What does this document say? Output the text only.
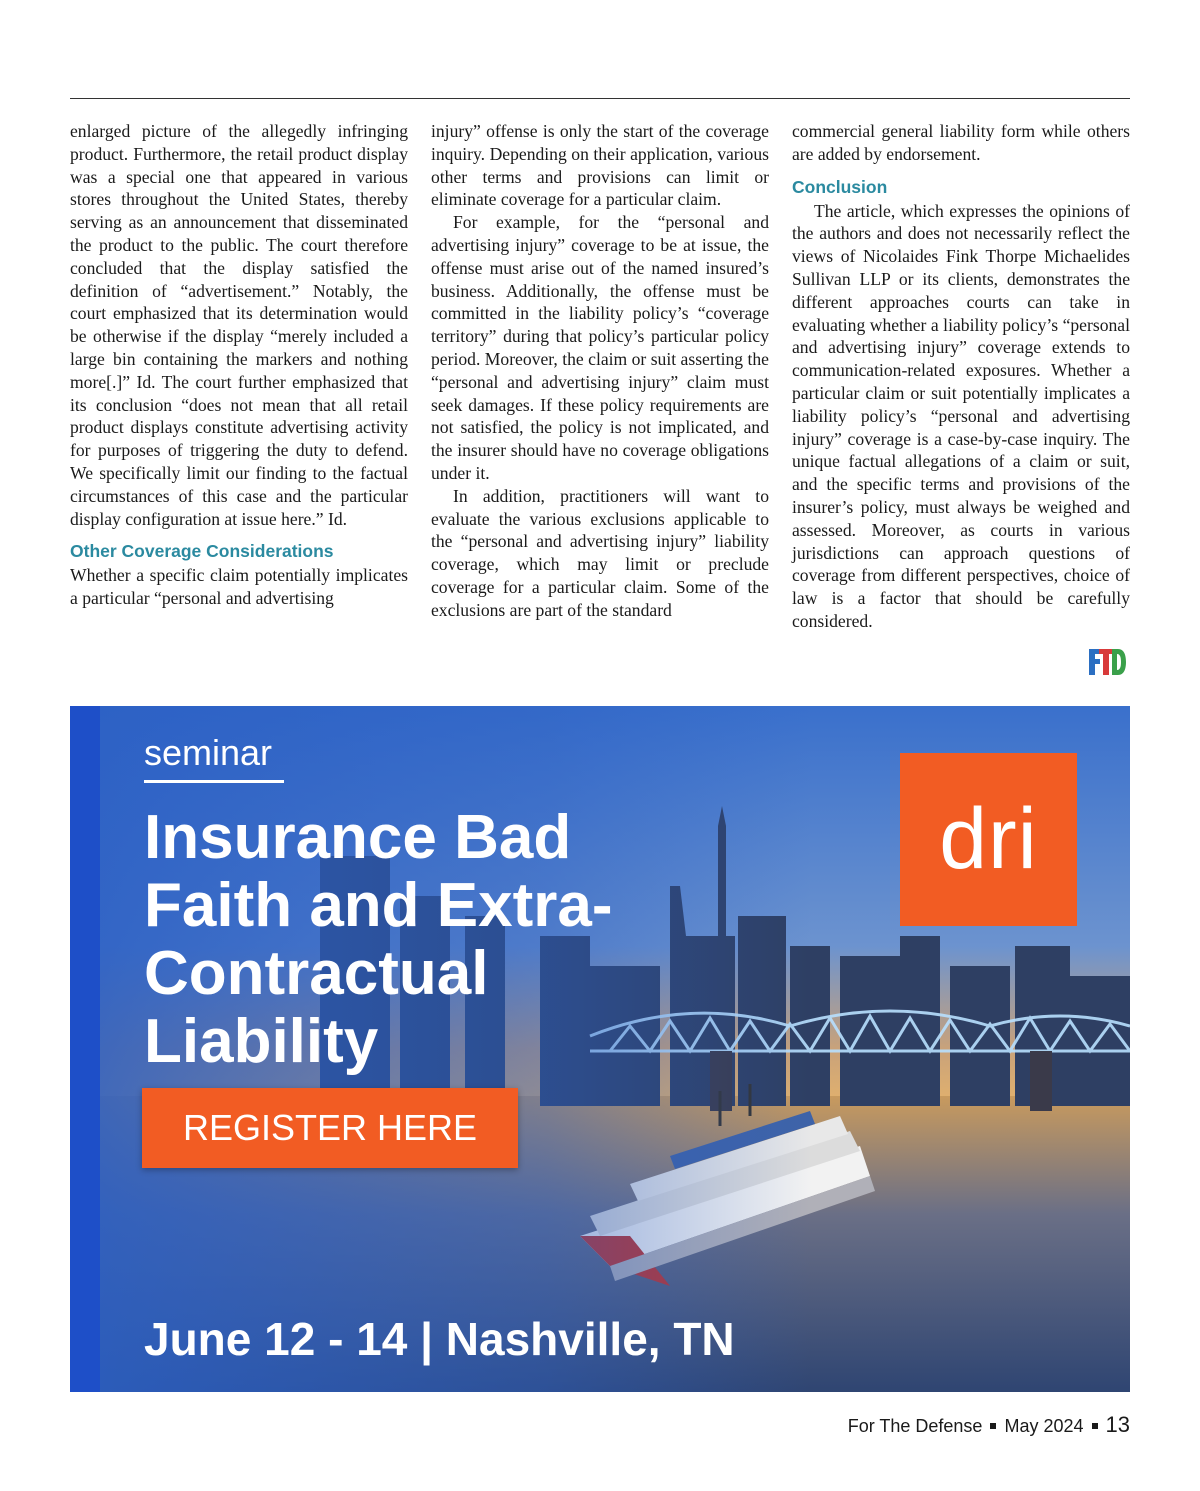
enlarged picture of the allegedly infringing product. Furthermore, the retail product display was a special one that appeared in various stores throughout the United States, thereby serving as an announcement that disseminated the product to the public. The court therefore concluded that the display satisfied the definition of “advertisement.” Notably, the court emphasized that its determination would be otherwise if the display “merely included a large bin containing the markers and nothing more[.]” Id. The court further emphasized that its conclusion “does not mean that all retail product displays constitute advertising activity for purposes of triggering the duty to defend. We specifically limit our finding to the factual circumstances of this case and the particular display configuration at issue here.” Id.

Other Coverage Considerations

Whether a specific claim potentially implicates a particular “personal and advertising

injury” offense is only the start of the coverage inquiry. Depending on their application, various other terms and provisions can limit or eliminate coverage for a particular claim.

For example, for the “personal and advertising injury” coverage to be at issue, the offense must arise out of the named insured’s business. Additionally, the offense must be committed in the liability policy’s “coverage territory” during that policy’s particular policy period. Moreover, the claim or suit asserting the “personal and advertising injury” claim must seek damages. If these policy requirements are not satisfied, the policy is not implicated, and the insurer should have no coverage obligations under it.

In addition, practitioners will want to evaluate the various exclusions applicable to the “personal and advertising injury” liability coverage, which may limit or preclude coverage for a particular claim. Some of the exclusions are part of the standard

commercial general liability form while others are added by endorsement.

Conclusion

The article, which expresses the opinions of the authors and does not necessarily reflect the views of Nicolaides Fink Thorpe Michaelides Sullivan LLP or its clients, demonstrates the different approaches courts can take in evaluating whether a liability policy’s “personal and advertising injury” coverage extends to communication-related exposures. Whether a particular claim or suit potentially implicates a liability policy’s “personal and advertising injury” coverage is a case-by-case inquiry. The unique factual allegations of a claim or suit, and the specific terms and provisions of the insurer’s policy, must always be weighed and assessed. Moreover, as courts in various jurisdictions can approach questions of coverage from different perspectives, choice of law is a factor that should be carefully considered.

seminar
Insurance Bad Faith and Extra-Contractual Liability
REGISTER HERE
June 12 - 14 | Nashville, TN
dri
For The Defense May 2024 13
